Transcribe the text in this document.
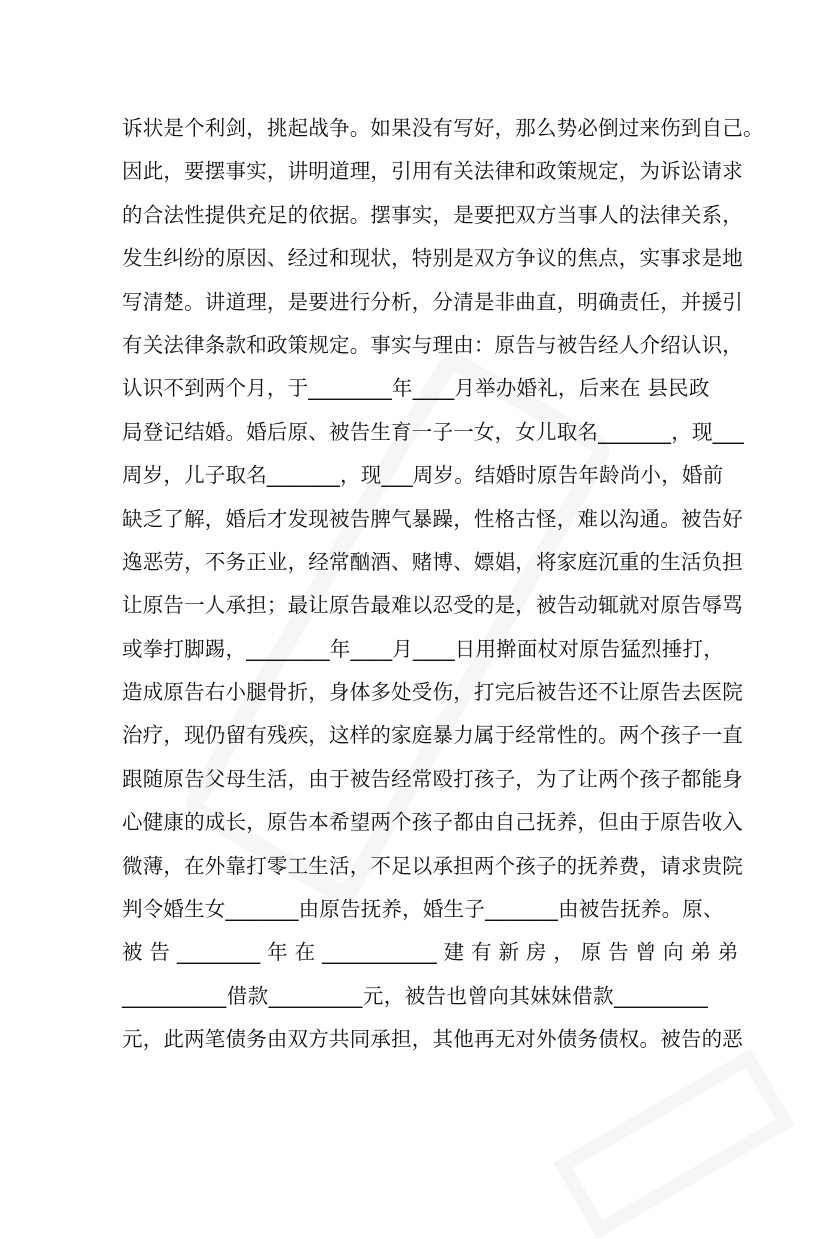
诉状是个利剑，挑起战争。如果没有写好，那么势必倒过来伤到自己。
因此，要摆事实，讲明道理，引用有关法律和政策规定，为诉讼请求
的合法性提供充足的依据。摆事实，是要把双方当事人的法律关系，
发生纠纷的原因、经过和现状，特别是双方争议的焦点，实事求是地
写清楚。讲道理，是要进行分析，分清是非曲直，明确责任，并援引
有关法律条款和政策规定。事实与理由：原告与被告经人介绍认识，
认识不到两个月，于________年____月举办婚礼，后来在 县民政
局登记结婚。婚后原、被告生育一子一女，女儿取名_______，现___
周岁，儿子取名_______，现___周岁。结婚时原告年龄尚小，婚前
缺乏了解，婚后才发现被告脾气暴躁，性格古怪，难以沟通。被告好
逸恶劳，不务正业，经常酗酒、赌博、嫖娼，将家庭沉重的生活负担
让原告一人承担；最让原告最难以忍受的是，被告动辄就对原告辱骂
或拳打脚踢，________年____月____日用擀面杖对原告猛烈捶打，
造成原告右小腿骨折，身体多处受伤，打完后被告还不让原告去医院
治疗，现仍留有残疾，这样的家庭暴力属于经常性的。两个孩子一直
跟随原告父母生活，由于被告经常殴打孩子，为了让两个孩子都能身
心健康的成长，原告本希望两个孩子都由自己抚养，但由于原告收入
微薄，在外靠打零工生活，不足以承担两个孩子的抚养费，请求贵院
判令婚生女_______由原告抚养，婚生子_______由被告抚养。原、
被 告 ________ 年 在 ___________ 建 有 新 房 ， 原 告 曾 向 弟 弟
__________借款_________元，被告也曾向其妹妹借款_________
元，此两笔债务由双方共同承担，其他再无对外债务债权。被告的恶
